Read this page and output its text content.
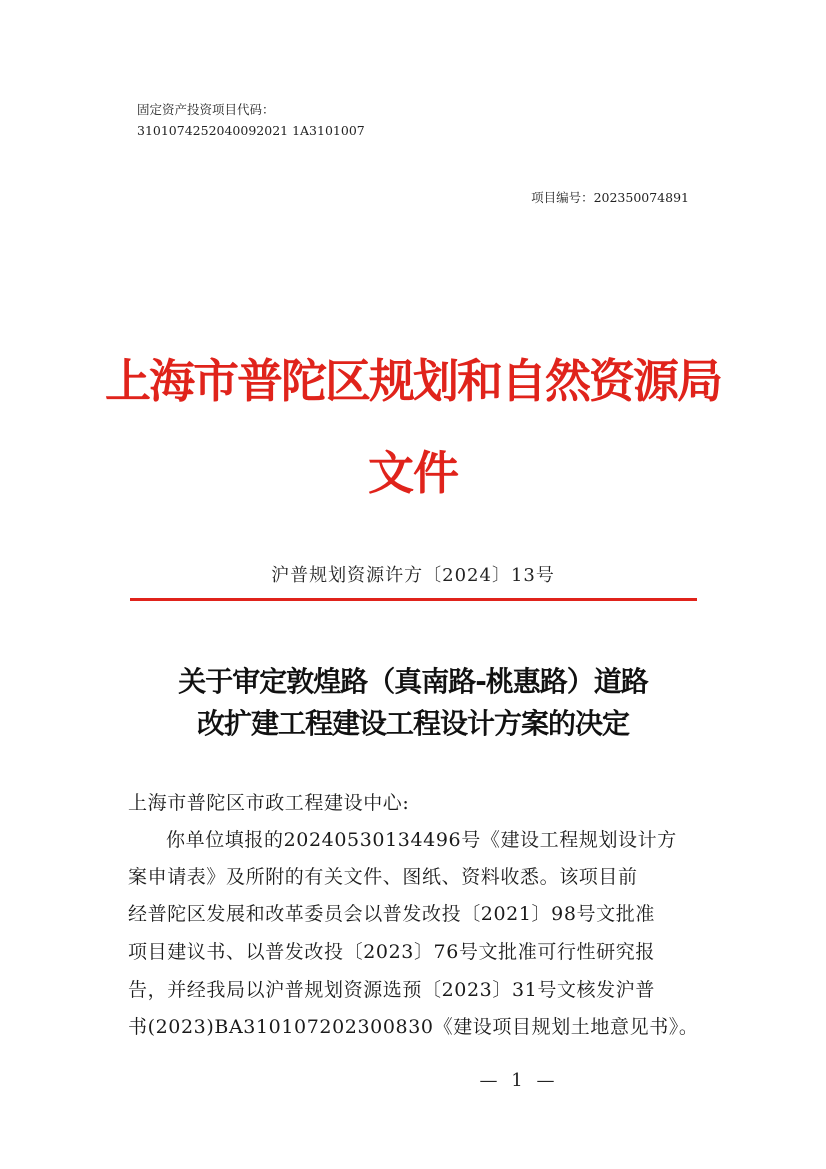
固定资产投资项目代码：
3101074252040092021 1A3101007
项目编号：202350074891
上海市普陀区规划和自然资源局
文件
沪普规划资源许方〔2024〕13号
关于审定敦煌路（真南路-桃惠路）道路
改扩建工程建设工程设计方案的决定
上海市普陀区市政工程建设中心:
你单位填报的20240530134496号《建设工程规划设计方
案申请表》及所附的有关文件、图纸、资料收悉。该项目前
经普陀区发展和改革委员会以普发改投〔2021〕98号文批准
项目建议书、以普发改投〔2023〕76号文批准可行性研究报
告，并经我局以沪普规划资源选预〔2023〕31号文核发沪普
书(2023)BA310107202300830《建设项目规划土地意见书》。
— 1 —
